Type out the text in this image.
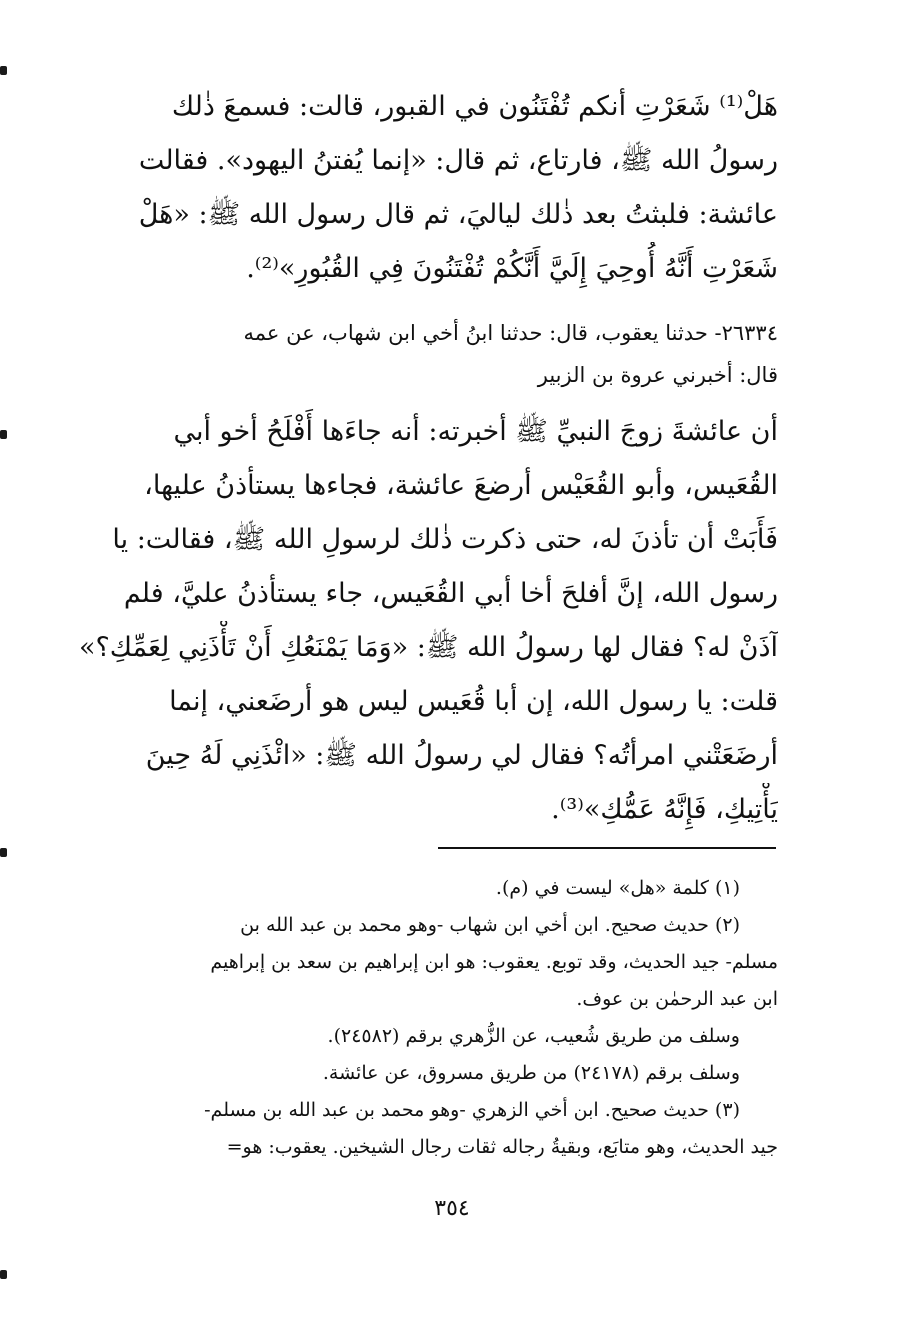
هَلْ⁽¹⁾ شَعَرْتِ أنكم تُفْتَنُون في القبور، قالت: فسمعَ ذٰلك
رسولُ الله ﷺ، فارتاع، ثم قال: «إنما يُفتنُ اليهود». فقالت
عائشة: فلبثتُ بعد ذٰلك لياليَ، ثم قال رسول الله ﷺ: «هَلْ
شَعَرْتِ أَنَّهُ أُوحِيَ إِلَيَّ أَنَّكُمْ تُفْتَنُونَ فِي القُبُورِ»⁽²⁾.
٢٦٣٣٤- حدثنا يعقوب، قال: حدثنا ابنُ أخي ابن شهاب، عن عمه
قال: أخبرني عروة بن الزبير
أن عائشةَ زوجَ النبيِّ ﷺ أخبرته: أنه جاءَها أَفْلَحُ أخو أبي
القُعَيس، وأبو القُعَيْس أرضعَ عائشة، فجاءها يستأذنُ عليها،
فَأَبَتْ أن تأذنَ له، حتى ذكرت ذٰلك لرسولِ الله ﷺ، فقالت: يا
رسول الله، إنَّ أفلحَ أخا أبي القُعَيس، جاء يستأذنُ عليَّ، فلم
آذَنْ له؟ فقال لها رسولُ الله ﷺ: «وَمَا يَمْنَعُكِ أَنْ تَأْذَنِي لِعَمِّكِ؟»
قلت: يا رسول الله، إن أبا قُعَيس ليس هو أرضَعني، إنما
أرضَعَتْني امرأتُه؟ فقال لي رسولُ الله ﷺ: «ائْذَنِي لَهُ حِينَ
يَأْتِيكِ، فَإِنَّهُ عَمُّكِ»⁽³⁾.
(١) كلمة «هل» ليست في (م).
(٢) حديث صحيح. ابن أخي ابن شهاب -وهو محمد بن عبد الله بن
مسلم- جيد الحديث، وقد توبع. يعقوب: هو ابن إبراهيم بن سعد بن إبراهيم
ابن عبد الرحمٰن بن عوف.
وسلف من طريق شُعيب، عن الزُّهري برقم (٢٤٥٨٢).
وسلف برقم (٢٤١٧٨) من طريق مسروق، عن عائشة.
(٣) حديث صحيح. ابن أخي الزهري -وهو محمد بن عبد الله بن مسلم-
جيد الحديث، وهو متابَع، وبقيةُ رجاله ثقات رجال الشيخين. يعقوب: هو=
٣٥٤
